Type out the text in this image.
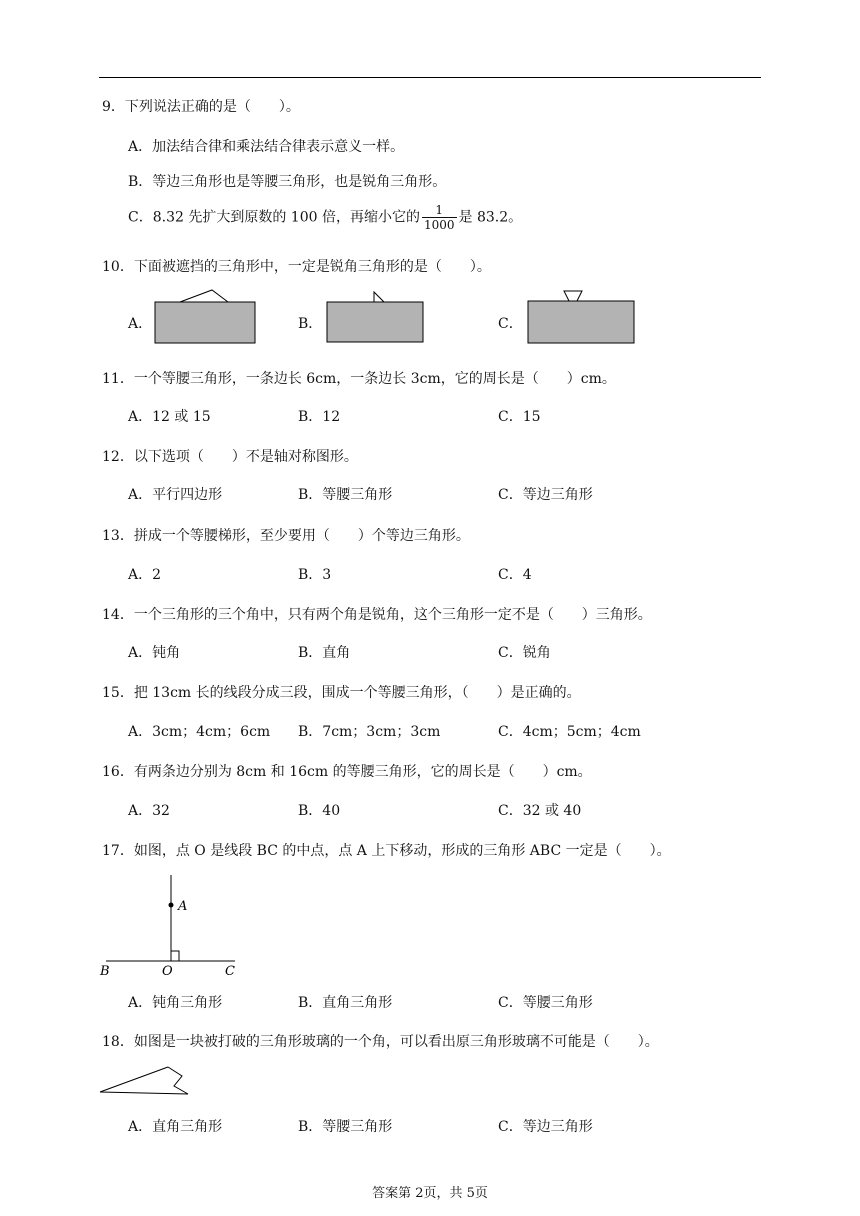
9．下列说法正确的是（　　）。
A．加法结合律和乘法结合律表示意义一样。
B．等边三角形也是等腰三角形，也是锐角三角形。
C．8.32 先扩大到原数的 100 倍，再缩小它的 $\frac{1}{1000}$ 是 83.2。
10．下面被遮挡的三角形中，一定是锐角三角形的是（　　）。
A．	B．	C．
11．一个等腰三角形，一条边长 6cm，一条边长 3cm，它的周长是（　　）cm。
A．12 或 15	B．12	C．15
12．以下选项（　　）不是轴对称图形。
A．平行四边形	B．等腰三角形	C．等边三角形
13．拼成一个等腰梯形，至少要用（　　）个等边三角形。
A．2	B．3	C．4
14．一个三角形的三个角中，只有两个角是锐角，这个三角形一定不是（　　）三角形。
A．钝角	B．直角	C．锐角
15．把 13cm 长的线段分成三段，围成一个等腰三角形，（　　）是正确的。
A．3cm；4cm；6cm B．7cm；3cm；3cm	C．4cm；5cm；4cm
16．有两条边分别为 8cm 和 16cm 的等腰三角形，它的周长是（　　）cm。
A．32	B．40	C．32 或 40
17．如图，点 O 是线段 BC 的中点，点 A 上下移动，形成的三角形 ABC 一定是（　　）。
A
B	O	C
A．钝角三角形	B．直角三角形	C．等腰三角形
18．如图是一块被打破的三角形玻璃的一个角，可以看出原三角形玻璃不可能是（　　）。
A．直角三角形	B．等腰三角形	C．等边三角形
答案第 2页，共 5页
